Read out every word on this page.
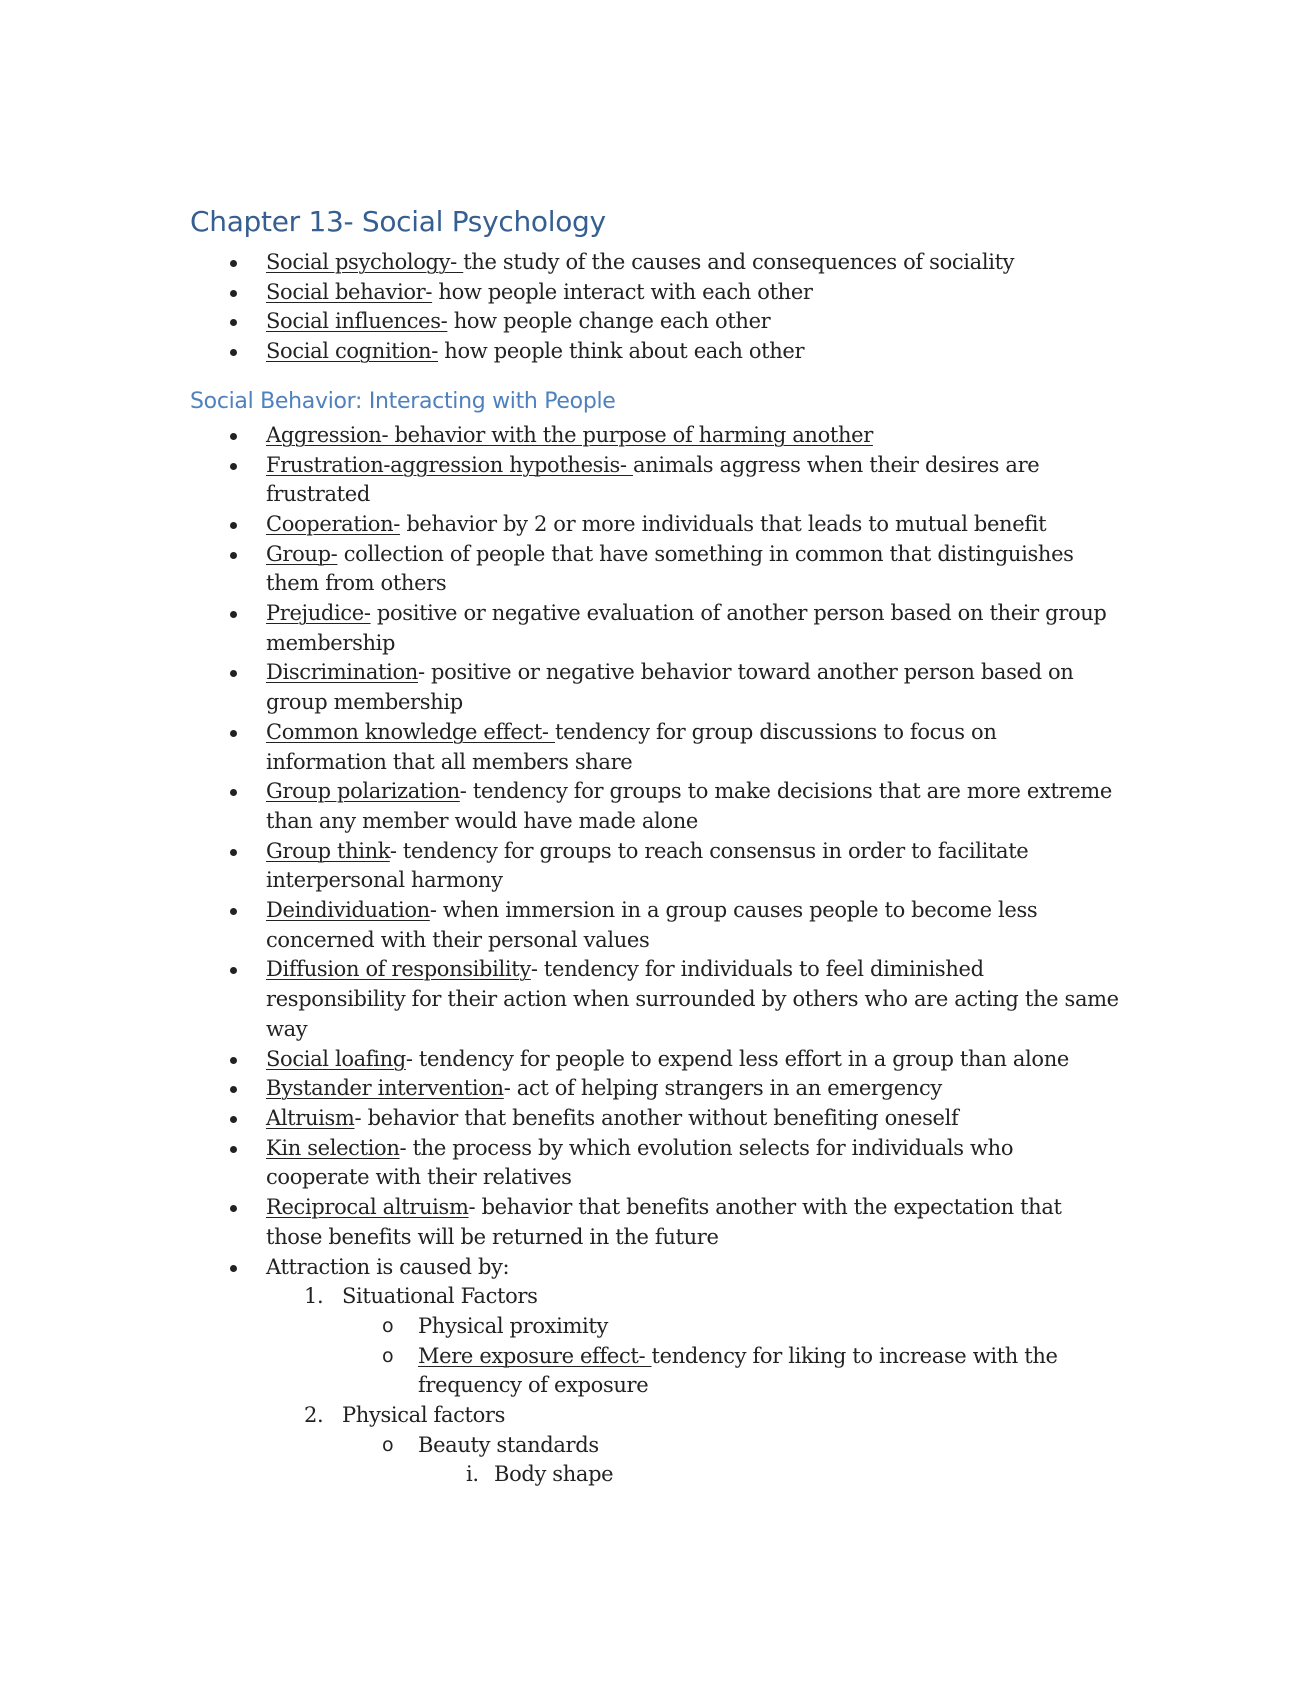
Chapter 13- Social Psychology
Social psychology- the study of the causes and consequences of sociality
Social behavior- how people interact with each other
Social influences- how people change each other
Social cognition- how people think about each other
Social Behavior: Interacting with People
Aggression- behavior with the purpose of harming another
Frustration-aggression hypothesis- animals aggress when their desires are frustrated
Cooperation- behavior by 2 or more individuals that leads to mutual benefit
Group- collection of people that have something in common that distinguishes them from others
Prejudice- positive or negative evaluation of another person based on their group membership
Discrimination- positive or negative behavior toward another person based on group membership
Common knowledge effect- tendency for group discussions to focus on information that all members share
Group polarization- tendency for groups to make decisions that are more extreme than any member would have made alone
Group think- tendency for groups to reach consensus in order to facilitate interpersonal harmony
Deindividuation- when immersion in a group causes people to become less concerned with their personal values
Diffusion of responsibility- tendency for individuals to feel diminished responsibility for their action when surrounded by others who are acting the same way
Social loafing- tendency for people to expend less effort in a group than alone
Bystander intervention- act of helping strangers in an emergency
Altruism- behavior that benefits another without benefiting oneself
Kin selection- the process by which evolution selects for individuals who cooperate with their relatives
Reciprocal altruism- behavior that benefits another with the expectation that those benefits will be returned in the future
Attraction is caused by:
1. Situational Factors
o Physical proximity
o Mere exposure effect- tendency for liking to increase with the frequency of exposure
2. Physical factors
o Beauty standards
i. Body shape
